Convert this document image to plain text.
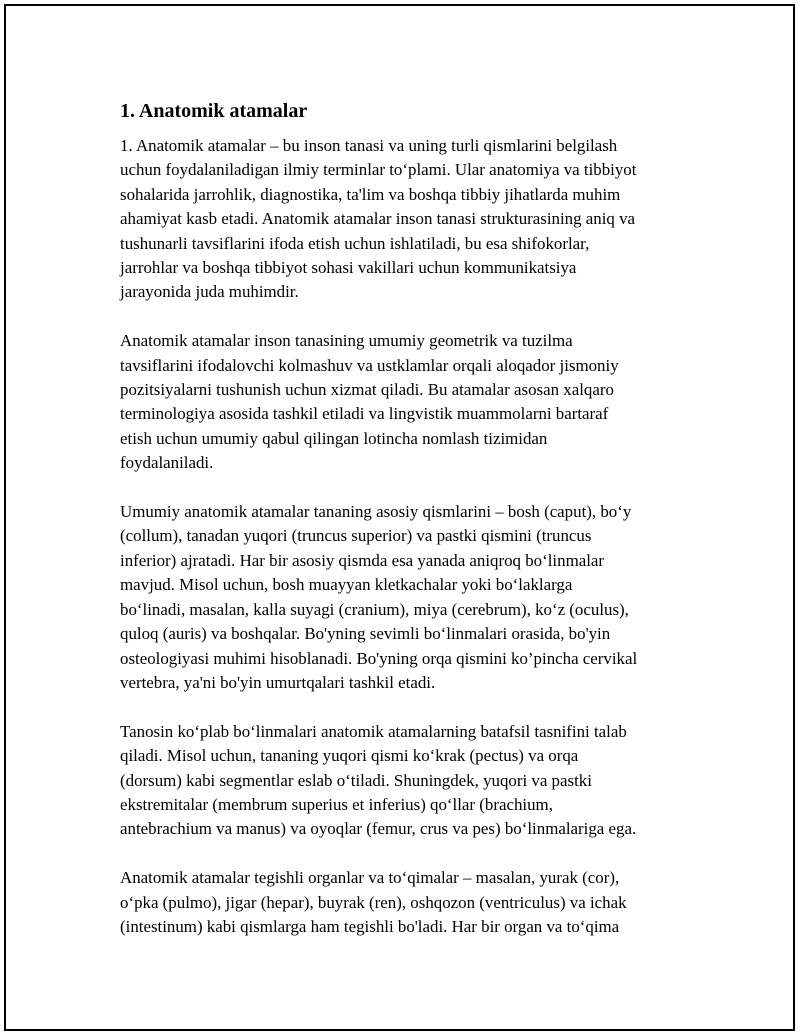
1. Anatomik atamalar

1. Anatomik atamalar – bu inson tanasi va uning turli qismlarini belgilash
uchun foydalaniladigan ilmiy terminlar to‘plami. Ular anatomiya va tibbiyot
sohalarida jarrohlik, diagnostika, ta'lim va boshqa tibbiy jihatlarda muhim
ahamiyat kasb etadi. Anatomik atamalar inson tanasi strukturasining aniq va
tushunarli tavsiflarini ifoda etish uchun ishlatiladi, bu esa shifokorlar,
jarrohlar va boshqa tibbiyot sohasi vakillari uchun kommunikatsiya
jarayonida juda muhimdir.

Anatomik atamalar inson tanasining umumiy geometrik va tuzilma
tavsiflarini ifodalovchi kolmashuv va ustklamlar orqali aloqador jismoniy
pozitsiyalarni tushunish uchun xizmat qiladi. Bu atamalar asosan xalqaro
terminologiya asosida tashkil etiladi va lingvistik muammolarni bartaraf
etish uchun umumiy qabul qilingan lotincha nomlash tizimidan
foydalaniladi.

Umumiy anatomik atamalar tananing asosiy qismlarini – bosh (caput), bo‘y
(collum), tanadan yuqori (truncus superior) va pastki qismini (truncus
inferior) ajratadi. Har bir asosiy qismda esa yanada aniqroq bo‘linmalar
mavjud. Misol uchun, bosh muayyan kletkachalar yoki bo‘laklarga
bo‘linadi, masalan, kalla suyagi (cranium), miya (cerebrum), ko‘z (oculus),
quloq (auris) va boshqalar. Bo'yning sevimli bo‘linmalari orasida, bo'yin
osteologiyasi muhimi hisoblanadi. Bo'yning orqa qismini ko’pincha cervikal
vertebra, ya'ni bo'yin umurtqalari tashkil etadi.

Tanosin ko‘plab bo‘linmalari anatomik atamalarning batafsil tasnifini talab
qiladi. Misol uchun, tananing yuqori qismi ko‘krak (pectus) va orqa
(dorsum) kabi segmentlar eslab o‘tiladi. Shuningdek, yuqori va pastki
ekstremitalar (membrum superius et inferius) qo‘llar (brachium,
antebrachium va manus) va oyoqlar (femur, crus va pes) bo‘linmalariga ega.

Anatomik atamalar tegishli organlar va to‘qimalar – masalan, yurak (cor),
o‘pka (pulmo), jigar (hepar), buyrak (ren), oshqozon (ventriculus) va ichak
(intestinum) kabi qismlarga ham tegishli bo'ladi. Har bir organ va to‘qima
